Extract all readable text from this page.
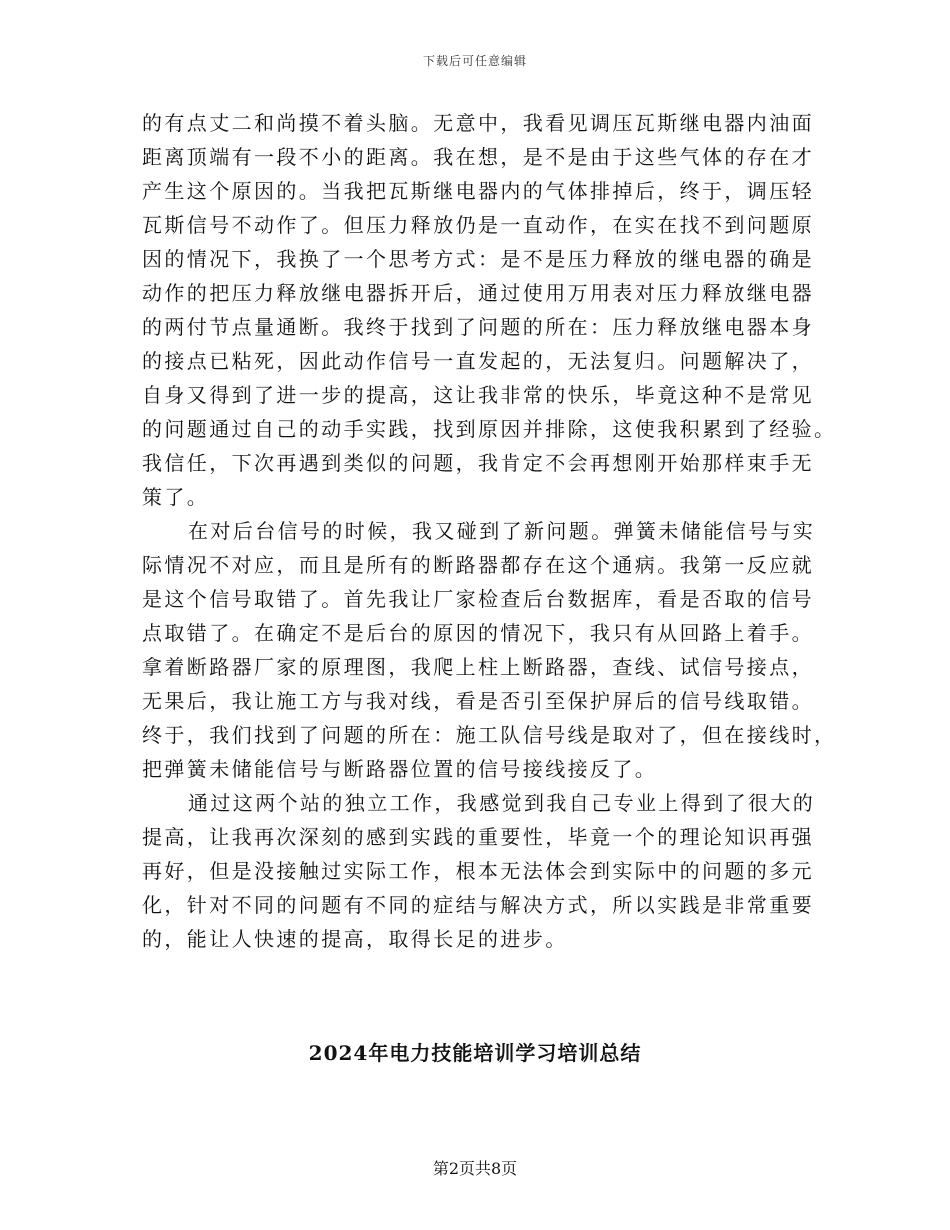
下载后可任意编辑
的有点丈二和尚摸不着头脑。无意中，我看见调压瓦斯继电器内油面
距离顶端有一段不小的距离。我在想，是不是由于这些气体的存在才
产生这个原因的。当我把瓦斯继电器内的气体排掉后，终于，调压轻
瓦斯信号不动作了。但压力释放仍是一直动作，在实在找不到问题原
因的情况下，我换了一个思考方式：是不是压力释放的继电器的确是
动作的把压力释放继电器拆开后，通过使用万用表对压力释放继电器
的两付节点量通断。我终于找到了问题的所在：压力释放继电器本身
的接点已粘死，因此动作信号一直发起的，无法复归。问题解决了，
自身又得到了进一步的提高，这让我非常的快乐，毕竟这种不是常见
的问题通过自己的动手实践，找到原因并排除，这使我积累到了经验。
我信任，下次再遇到类似的问题，我肯定不会再想刚开始那样束手无
策了。
在对后台信号的时候，我又碰到了新问题。弹簧未储能信号与实
际情况不对应，而且是所有的断路器都存在这个通病。我第一反应就
是这个信号取错了。首先我让厂家检查后台数据库，看是否取的信号
点取错了。在确定不是后台的原因的情况下，我只有从回路上着手。
拿着断路器厂家的原理图，我爬上柱上断路器，查线、试信号接点，
无果后，我让施工方与我对线，看是否引至保护屏后的信号线取错。
终于，我们找到了问题的所在：施工队信号线是取对了，但在接线时，
把弹簧未储能信号与断路器位置的信号接线接反了。
通过这两个站的独立工作，我感觉到我自己专业上得到了很大的
提高，让我再次深刻的感到实践的重要性，毕竟一个的理论知识再强
再好，但是没接触过实际工作，根本无法体会到实际中的问题的多元
化，针对不同的问题有不同的症结与解决方式，所以实践是非常重要
的，能让人快速的提高，取得长足的进步。
2024年电力技能培训学习培训总结
第2页共8页
